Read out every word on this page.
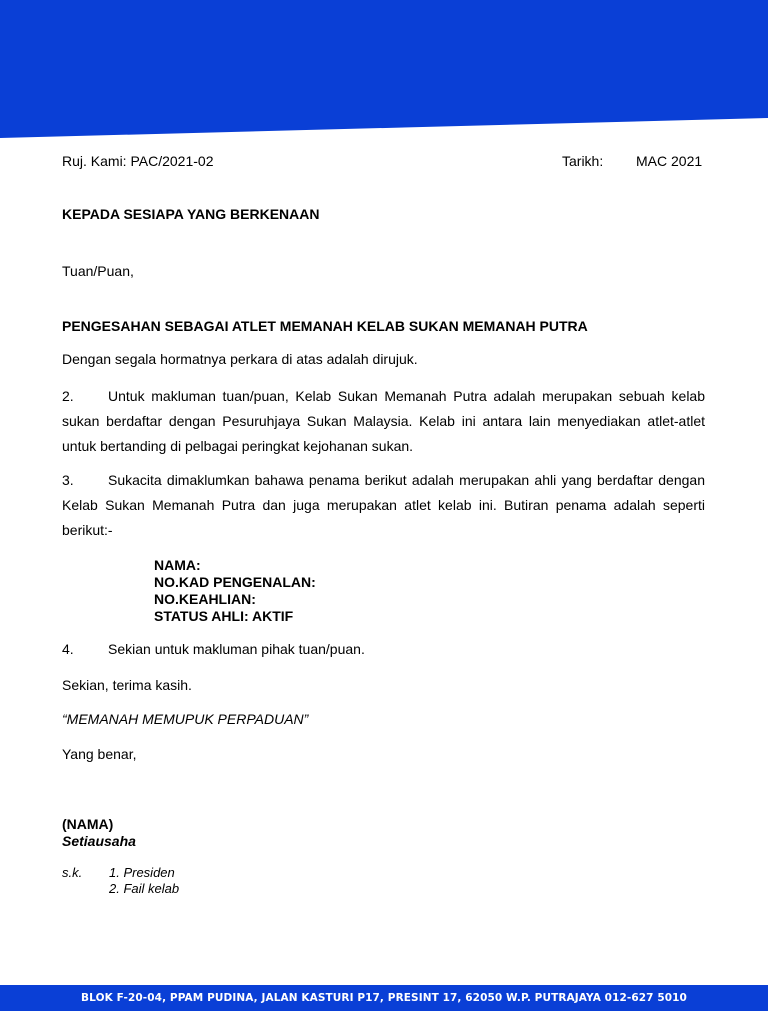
Ruj. Kami: PAC/2021-02	Tarikh: MAC 2021
KEPADA SESIAPA YANG BERKENAAN
Tuan/Puan,
PENGESAHAN SEBAGAI ATLET MEMANAH KELAB SUKAN MEMANAH PUTRA
Dengan segala hormatnya perkara di atas adalah dirujuk.
2. Untuk makluman tuan/puan, Kelab Sukan Memanah Putra adalah merupakan sebuah kelab sukan berdaftar dengan Pesuruhjaya Sukan Malaysia. Kelab ini antara lain menyediakan atlet-atlet untuk bertanding di pelbagai peringkat kejohanan sukan.
3. Sukacita dimaklumkan bahawa penama berikut adalah merupakan ahli yang berdaftar dengan Kelab Sukan Memanah Putra dan juga merupakan atlet kelab ini. Butiran penama adalah seperti berikut:-
NAMA:
NO.KAD PENGENALAN:
NO.KEAHLIAN:
STATUS AHLI: AKTIF
4. Sekian untuk makluman pihak tuan/puan.
Sekian, terima kasih.
“MEMANAH MEMUPUK PERPADUAN”
Yang benar,
(NAMA)
Setiausaha
s.k. 1. Presiden
2. Fail kelab
BLOK F-20-04, PPAM PUDINA, JALAN KASTURI P17, PRESINT 17, 62050 W.P. PUTRAJAYA 012-627 5010
